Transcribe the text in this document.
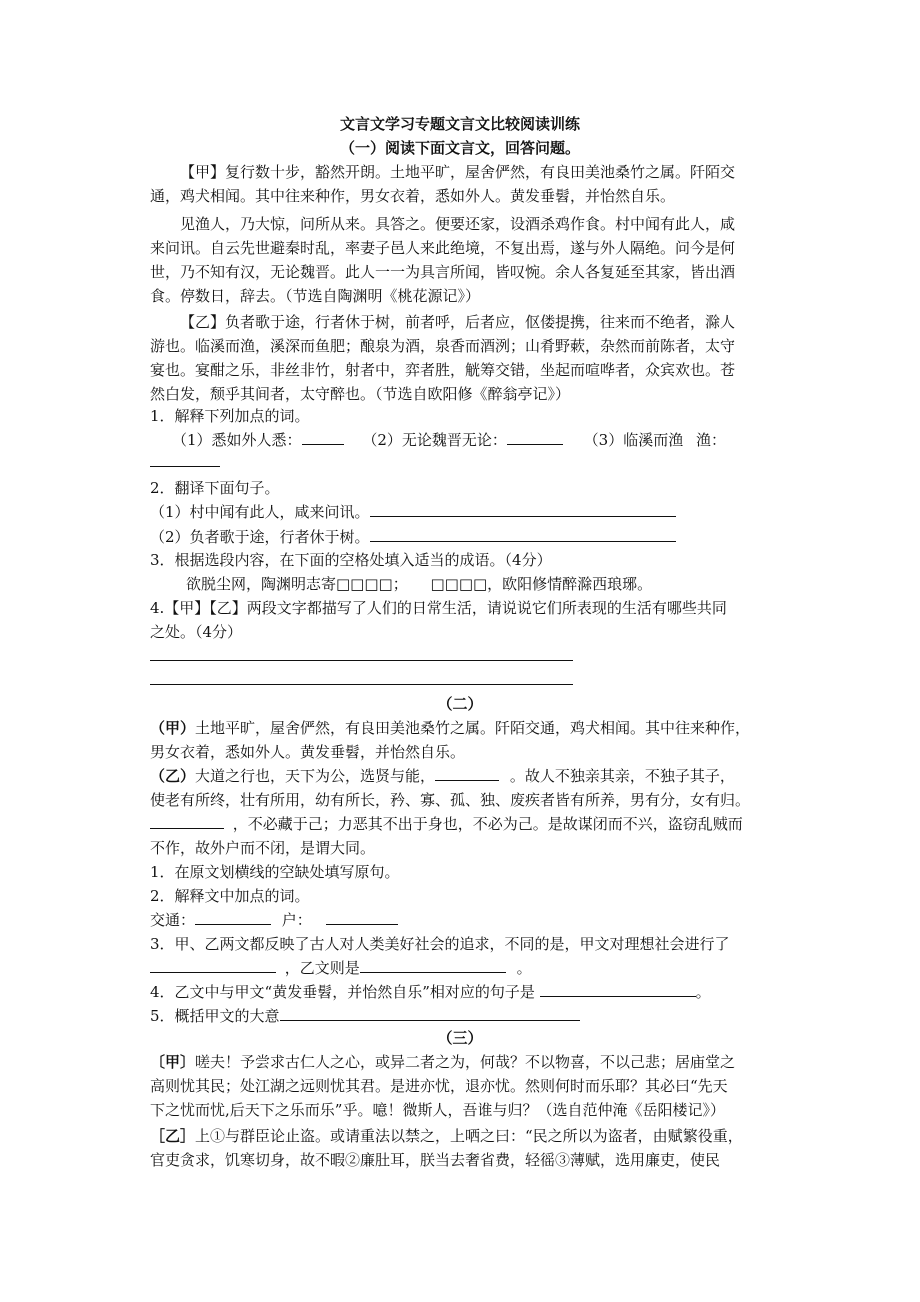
文言文学习专题文言文比较阅读训练
（一）阅读下面文言文，回答问题。
【甲】复行数十步，豁然开朗。土地平旷，屋舍俨然，有良田美池桑竹之属。阡陌交
通，鸡犬相闻。其中往来种作，男女衣着，悉如外人。黄发垂髫，并怡然自乐。
见渔人，乃大惊，问所从来。具答之。便要还家，设酒杀鸡作食。村中闻有此人，咸
来问讯。自云先世避秦时乱，率妻子邑人来此绝境，不复出焉，遂与外人隔绝。问今是何
世，乃不知有汉，无论魏晋。此人一一为具言所闻，皆叹惋。余人各复延至其家，皆出酒
食。停数日，辞去。（节选自陶渊明《桃花源记》）
【乙】负者歌于途，行者休于树，前者呼，后者应，伛偻提携，往来而不绝者，滁人
游也。临溪而渔，溪深而鱼肥；酿泉为酒，泉香而酒洌；山肴野蔌，杂然而前陈者，太守
宴也。宴酣之乐，非丝非竹，射者中，弈者胜，觥筹交错，坐起而喧哗者，众宾欢也。苍
然白发，颓乎其间者，太守醉也。（节选自欧阳修《醉翁亭记》）
1．解释下列加点的词。
（1）悉如外人悉：	（2）无论魏晋无论：	（3）临溪而渔 渔：
2．翻译下面句子。
（1）村中闻有此人，咸来问讯。
（2）负者歌于途，行者休于树。
3．根据选段内容，在下面的空格处填入适当的成语。（4分）
欲脱尘网，陶渊明志寄□□□□； □□□□，欧阳修情醉滁西琅琊。
4.【甲】【乙】两段文字都描写了人们的日常生活，请说说它们所表现的生活有哪些共同
之处。（4分）
（二）
（甲）土地平旷，屋舍俨然，有良田美池桑竹之属。阡陌交通，鸡犬相闻。其中往来种作，
男女衣着，悉如外人。黄发垂髫，并怡然自乐。
（乙）大道之行也，天下为公，选贤与能，	。故人不独亲其亲，不独子其子，
使老有所终，壮有所用，幼有所长，矜、寡、孤、独、废疾者皆有所养，男有分，女有归。
，不必藏于己；力恶其不出于身也，不必为己。是故谋闭而不兴，盗窃乱贼而
不作，故外户而不闭，是谓大同。
1．在原文划横线的空缺处填写原句。
2．解释文中加点的词。
交通：	户：
3．甲、乙两文都反映了古人对人类美好社会的追求，不同的是，甲文对理想社会进行了
，乙文则是	。
4．乙文中与甲文“黄发垂髫，并怡然自乐”相对应的句子是	。
5．概括甲文的大意
（三）
〔甲〕嗟夫！予尝求古仁人之心，或异二者之为，何哉？不以物喜，不以己悲；居庙堂之
高则忧其民；处江湖之远则忧其君。是进亦忧，退亦忧。然则何时而乐耶？其必曰“先天
下之忧而忧,后天下之乐而乐”乎。噫！微斯人，吾谁与归？（选自范仲淹《岳阳楼记》）
［乙］上①与群臣论止盗。或请重法以禁之，上哂之曰：“民之所以为盗者，由赋繁役重，
官吏贪求，饥寒切身，故不暇②廉肚耳，朕当去奢省费，轻徭③薄赋，选用廉吏，使民
